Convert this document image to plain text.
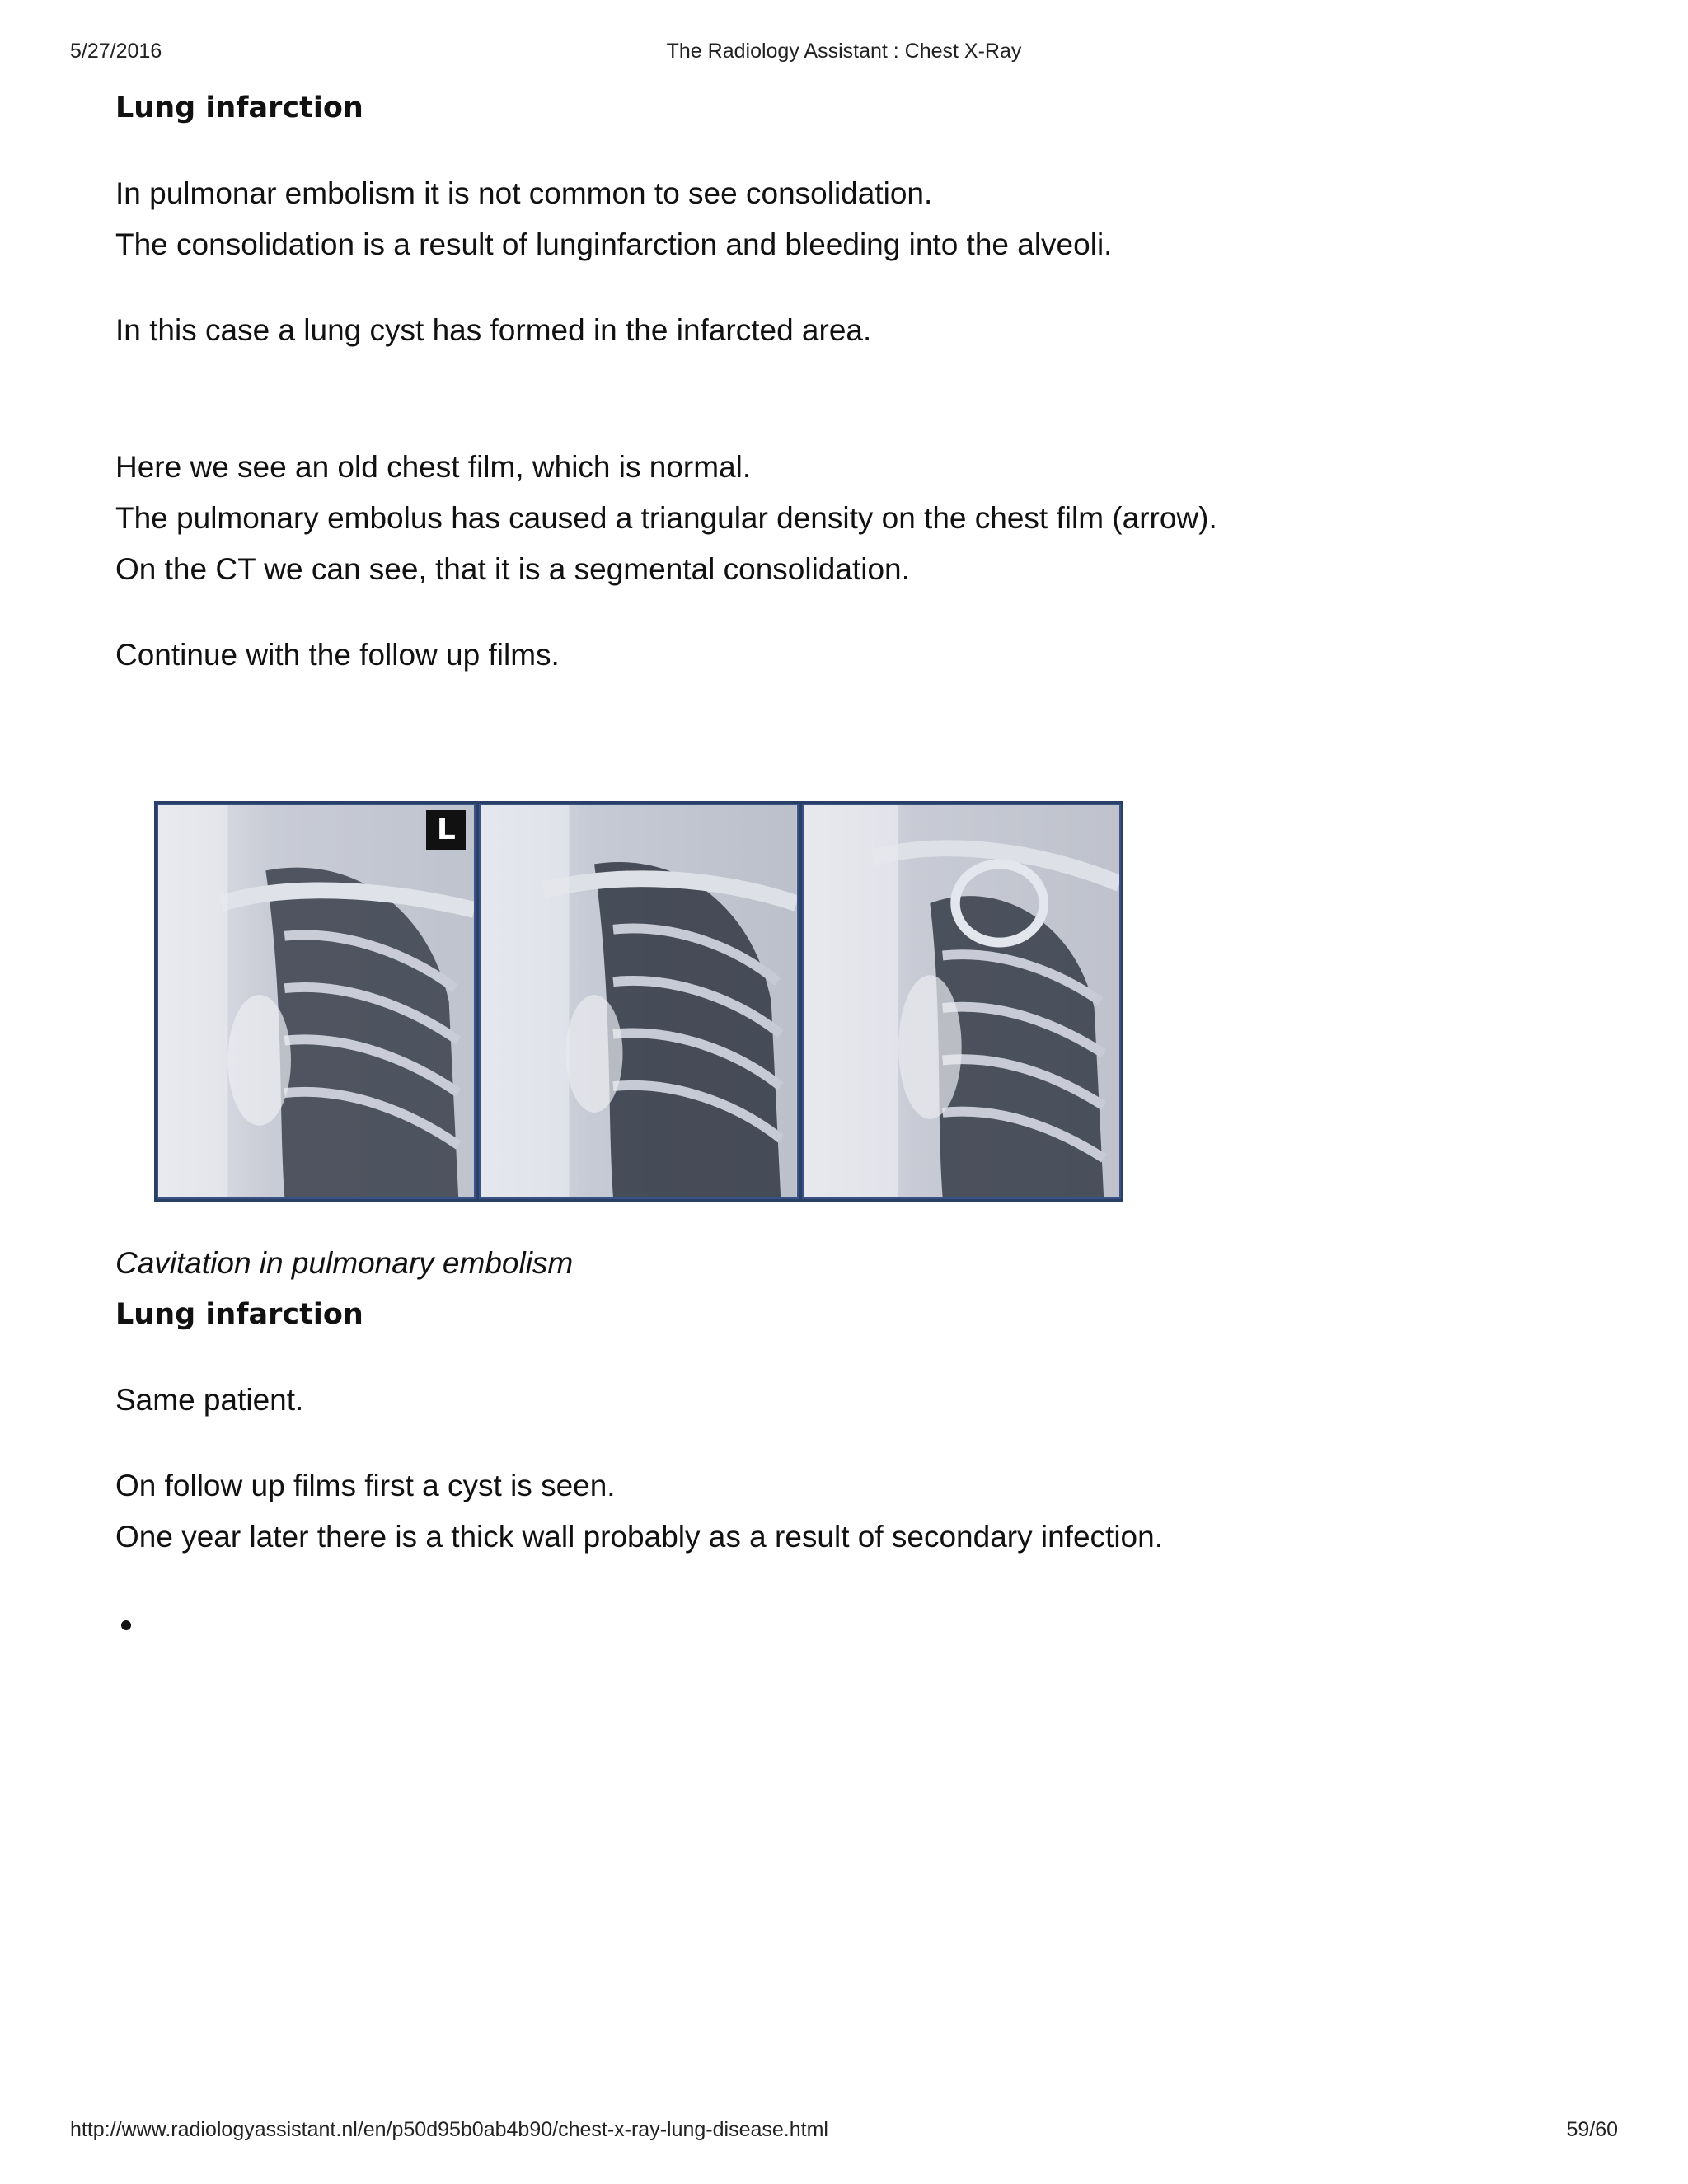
5/27/2016	The Radiology Assistant : Chest X-Ray

Lung infarction

In pulmonar embolism it is not common to see consolidation.

The consolidation is a result of lunginfarction and bleeding into the alveoli.

In this case a lung cyst has formed in the infarcted area.

Here we see an old chest film, which is normal.

The pulmonary embolus has caused a triangular density on the chest film (arrow).

On the CT we can see, that it is a segmental consolidation.

Continue with the follow up films.

L

Cavitation in pulmonary embolism

Lung infarction

Same patient.

On follow up films first a cyst is seen.

One year later there is a thick wall probably as a result of secondary infection.

http://www.radiologyassistant.nl/en/p50d95b0ab4b90/chest-x-ray-lung-disease.html	59/60
